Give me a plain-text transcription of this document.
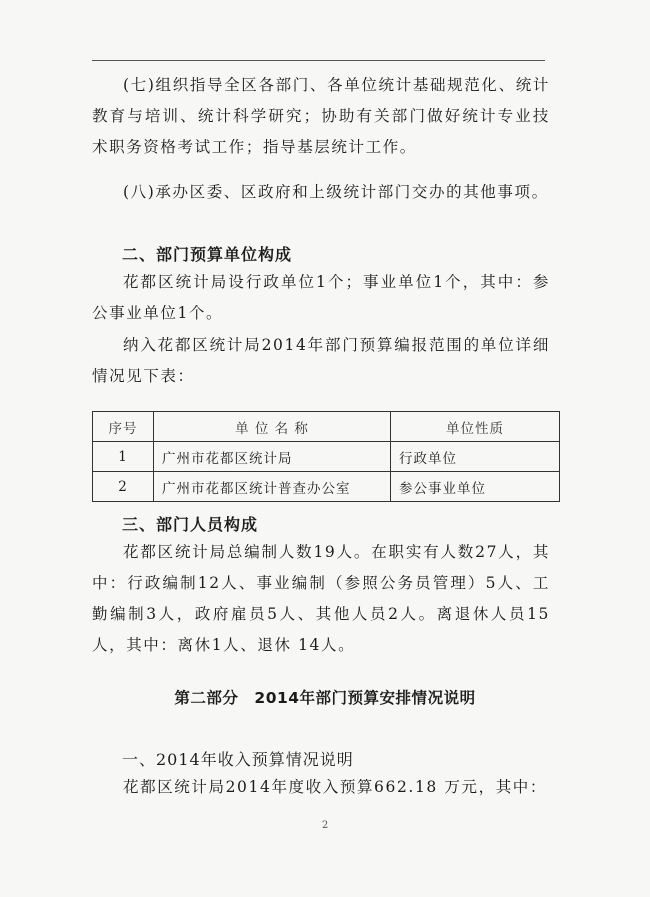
(七)组织指导全区各部门、各单位统计基础规范化、统计教育与培训、统计科学研究；协助有关部门做好统计专业技术职务资格考试工作；指导基层统计工作。

(八)承办区委、区政府和上级统计部门交办的其他事项。

二、部门预算单位构成

花都区统计局设行政单位1个；事业单位1个，其中：参公事业单位1个。

纳入花都区统计局2014年部门预算编报范围的单位详细情况见下表：

序号	单 位 名 称	单位性质
1	广州市花都区统计局	行政单位
2	广州市花都区统计普查办公室	参公事业单位

三、部门人员构成

花都区统计局总编制人数19人。在职实有人数27人，其中：行政编制12人、事业编制（参照公务员管理）5人、工勤编制3人，政府雇员5人、其他人员2人。离退休人员15人，其中：离休1人、退休 14人。

第二部分　2014年部门预算安排情况说明

一、2014年收入预算情况说明

花都区统计局2014年度收入预算662.18 万元，其中：

2
